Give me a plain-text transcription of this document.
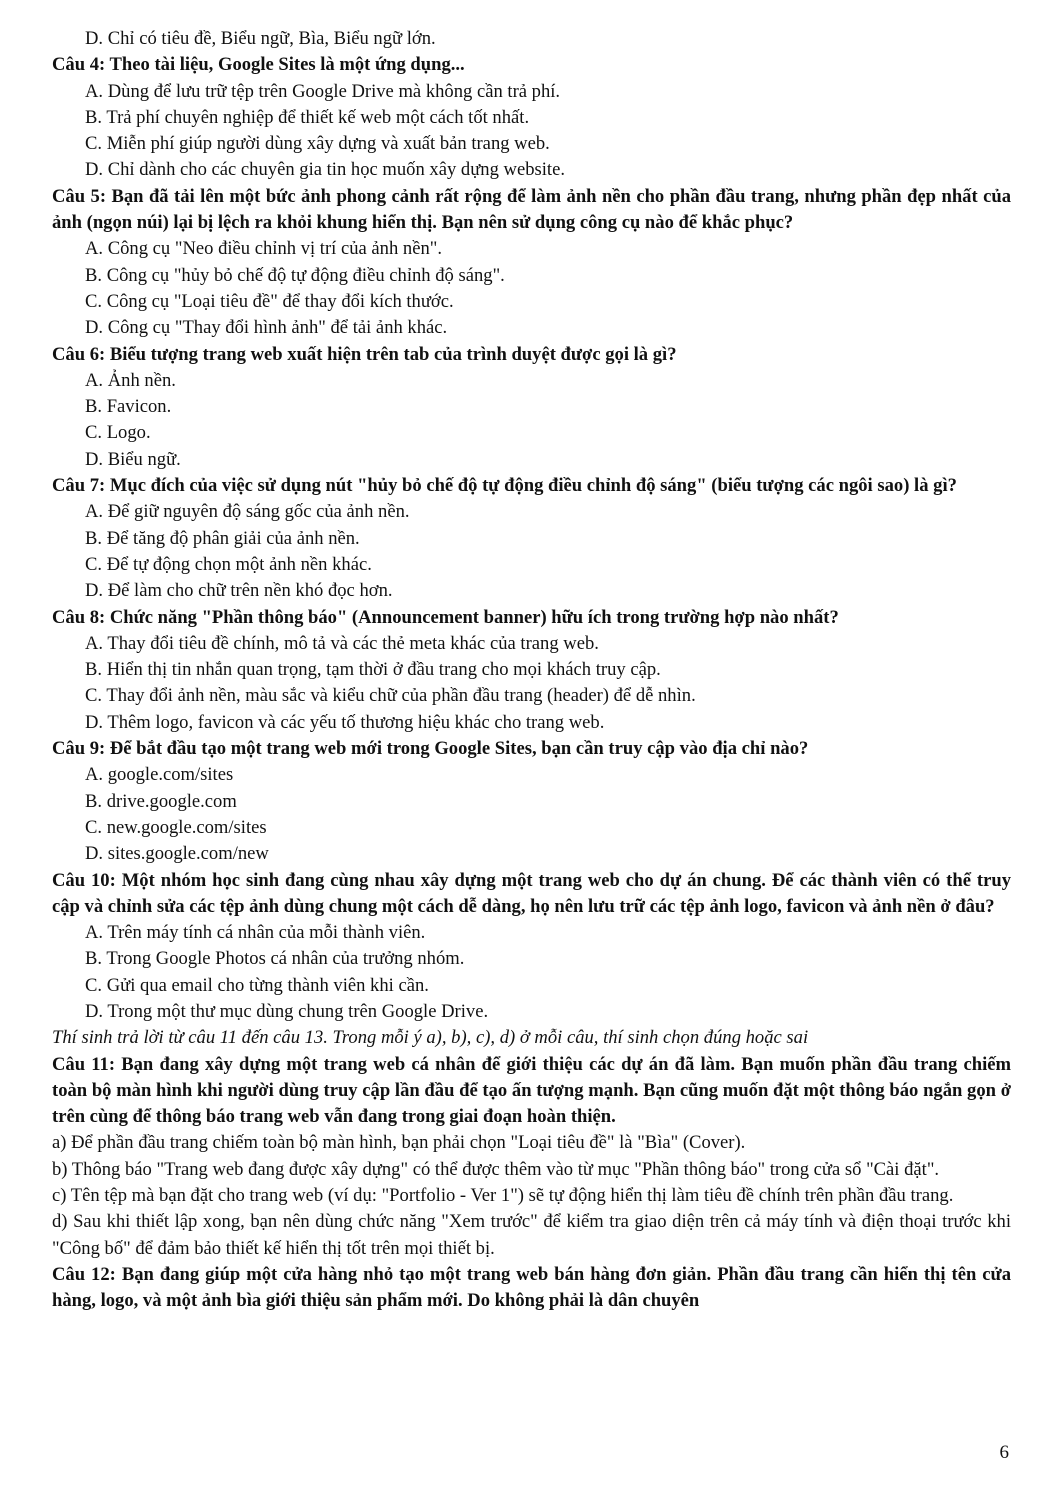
D. Chỉ có tiêu đề, Biểu ngữ, Bìa, Biểu ngữ lớn.
Câu 4: Theo tài liệu, Google Sites là một ứng dụng...
A. Dùng để lưu trữ tệp trên Google Drive mà không cần trả phí.
B. Trả phí chuyên nghiệp để thiết kế web một cách tốt nhất.
C. Miễn phí giúp người dùng xây dựng và xuất bản trang web.
D. Chỉ dành cho các chuyên gia tin học muốn xây dựng website.
Câu 5: Bạn đã tải lên một bức ảnh phong cảnh rất rộng để làm ảnh nền cho phần đầu trang, nhưng phần đẹp nhất của ảnh (ngọn núi) lại bị lệch ra khỏi khung hiển thị. Bạn nên sử dụng công cụ nào để khắc phục?
A. Công cụ "Neo điều chỉnh vị trí của ảnh nền".
B. Công cụ "hủy bỏ chế độ tự động điều chỉnh độ sáng".
C. Công cụ "Loại tiêu đề" để thay đổi kích thước.
D. Công cụ "Thay đổi hình ảnh" để tải ảnh khác.
Câu 6: Biểu tượng trang web xuất hiện trên tab của trình duyệt được gọi là gì?
A. Ảnh nền.
B. Favicon.
C. Logo.
D. Biểu ngữ.
Câu 7: Mục đích của việc sử dụng nút "hủy bỏ chế độ tự động điều chỉnh độ sáng" (biểu tượng các ngôi sao) là gì?
A. Để giữ nguyên độ sáng gốc của ảnh nền.
B. Để tăng độ phân giải của ảnh nền.
C. Để tự động chọn một ảnh nền khác.
D. Để làm cho chữ trên nền khó đọc hơn.
Câu 8: Chức năng "Phần thông báo" (Announcement banner) hữu ích trong trường hợp nào nhất?
A. Thay đổi tiêu đề chính, mô tả và các thẻ meta khác của trang web.
B. Hiển thị tin nhắn quan trọng, tạm thời ở đầu trang cho mọi khách truy cập.
C. Thay đổi ảnh nền, màu sắc và kiểu chữ của phần đầu trang (header) để dễ nhìn.
D. Thêm logo, favicon và các yếu tố thương hiệu khác cho trang web.
Câu 9: Để bắt đầu tạo một trang web mới trong Google Sites, bạn cần truy cập vào địa chỉ nào?
A. google.com/sites
B. drive.google.com
C. new.google.com/sites
D. sites.google.com/new
Câu 10: Một nhóm học sinh đang cùng nhau xây dựng một trang web cho dự án chung. Để các thành viên có thể truy cập và chỉnh sửa các tệp ảnh dùng chung một cách dễ dàng, họ nên lưu trữ các tệp ảnh logo, favicon và ảnh nền ở đâu?
A. Trên máy tính cá nhân của mỗi thành viên.
B. Trong Google Photos cá nhân của trưởng nhóm.
C. Gửi qua email cho từng thành viên khi cần.
D. Trong một thư mục dùng chung trên Google Drive.
Thí sinh trả lời từ câu 11 đến câu 13. Trong mỗi ý a), b), c), d) ở mỗi câu, thí sinh chọn đúng hoặc sai
Câu 11: Bạn đang xây dựng một trang web cá nhân để giới thiệu các dự án đã làm. Bạn muốn phần đầu trang chiếm toàn bộ màn hình khi người dùng truy cập lần đầu để tạo ấn tượng mạnh. Bạn cũng muốn đặt một thông báo ngắn gọn ở trên cùng để thông báo trang web vẫn đang trong giai đoạn hoàn thiện.
a) Để phần đầu trang chiếm toàn bộ màn hình, bạn phải chọn "Loại tiêu đề" là "Bìa" (Cover).
b) Thông báo "Trang web đang được xây dựng" có thể được thêm vào từ mục "Phần thông báo" trong cửa sổ "Cài đặt".
c) Tên tệp mà bạn đặt cho trang web (ví dụ: "Portfolio - Ver 1") sẽ tự động hiển thị làm tiêu đề chính trên phần đầu trang.
d) Sau khi thiết lập xong, bạn nên dùng chức năng "Xem trước" để kiểm tra giao diện trên cả máy tính và điện thoại trước khi "Công bố" để đảm bảo thiết kế hiển thị tốt trên mọi thiết bị.
Câu 12: Bạn đang giúp một cửa hàng nhỏ tạo một trang web bán hàng đơn giản. Phần đầu trang cần hiển thị tên cửa hàng, logo, và một ảnh bìa giới thiệu sản phẩm mới. Do không phải là dân chuyên
6
